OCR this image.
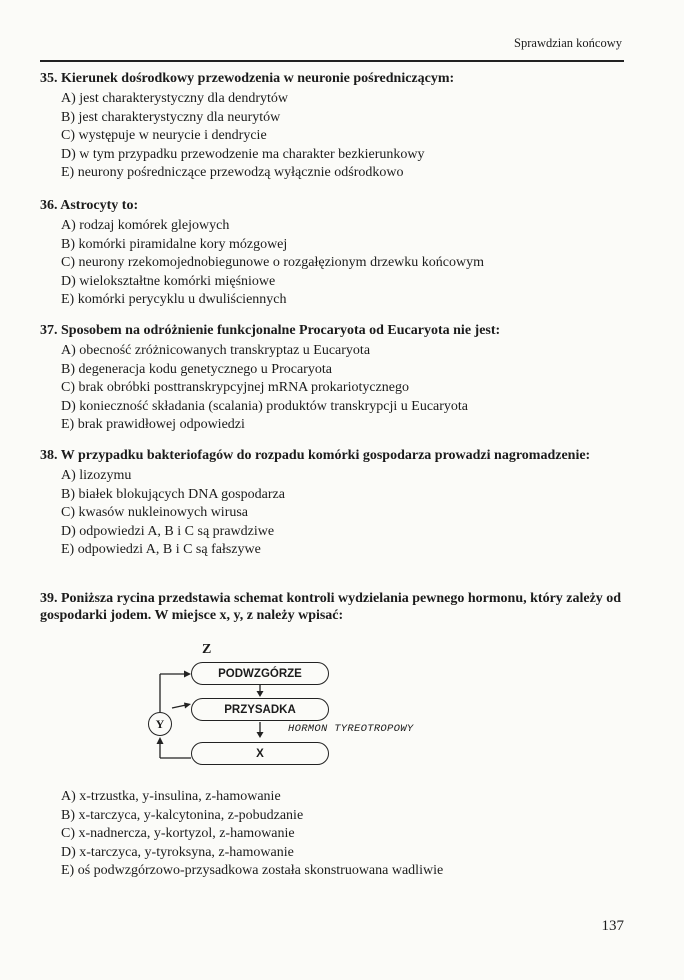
Sprawdzian końcowy
35. Kierunek dośrodkowy przewodzenia w neuronie pośredniczącym:
A) jest charakterystyczny dla dendrytów
B) jest charakterystyczny dla neurytów
C) występuje w neurycie i dendrycie
D) w tym przypadku przewodzenie ma charakter bezkierunkowy
E) neurony pośredniczące przewodzą wyłącznie odśrodkowo
36. Astrocyty to:
A) rodzaj komórek glejowych
B) komórki piramidalne kory mózgowej
C) neurony rzekomojednobiegunowe o rozgałęzionym drzewku końcowym
D) wielokształtne komórki mięśniowe
E) komórki perycyklu u dwuliściennych
37. Sposobem na odróżnienie funkcjonalne Procaryota od Eucaryota nie jest:
A) obecność zróżnicowanych transkryptaz u Eucaryota
B) degeneracja kodu genetycznego u Procaryota
C) brak obróbki posttranskrypcyjnej mRNA prokariotycznego
D) konieczność składania (scalania) produktów transkrypcji u Eucaryota
E) brak prawidłowej odpowiedzi
38. W przypadku bakteriofagów do rozpadu komórki gospodarza prowadzi nagromadzenie:
A) lizozymu
B) białek blokujących DNA gospodarza
C) kwasów nukleinowych wirusa
D) odpowiedzi A, B i C są prawdziwe
E) odpowiedzi A, B i C są fałszywe
39. Poniższa rycina przedstawia schemat kontroli wydzielania pewnego hormonu, który zależy od gospodarki jodem. W miejsce x, y, z należy wpisać:
Z
PODWZGÓRZE
PRZYSADKA
X
Y	HORMON TYREOTROPOWY
A) x-trzustka, y-insulina, z-hamowanie
B) x-tarczyca, y-kalcytonina, z-pobudzanie
C) x-nadnercza, y-kortyzol, z-hamowanie
D) x-tarczyca, y-tyroksyna, z-hamowanie
E) oś podwzgórzowo-przysadkowa została skonstruowana wadliwie
137
